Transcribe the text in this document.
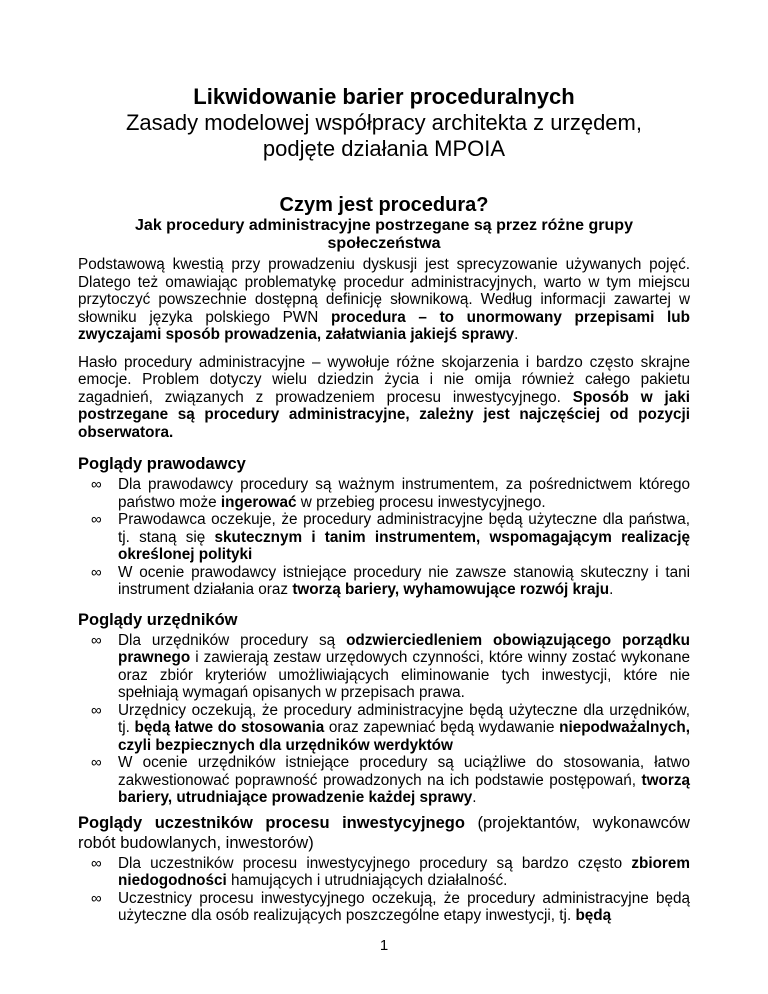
Likwidowanie barier proceduralnych
Zasady modelowej współpracy architekta z urzędem,
podjęte działania MPOIA
Czym jest procedura?
Jak procedury administracyjne postrzegane są przez różne grupy
społeczeństwa

Podstawową kwestią przy prowadzeniu dyskusji jest sprecyzowanie używanych pojęć. Dlatego też omawiając problematykę procedur administracyjnych, warto w tym miejscu przytoczyć powszechnie dostępną definicję słownikową. Według informacji zawartej w słowniku języka polskiego PWN procedura – to unormowany przepisami lub zwyczajami sposób prowadzenia, załatwiania jakiejś sprawy.

Hasło procedury administracyjne – wywołuje różne skojarzenia i bardzo często skrajne emocje. Problem dotyczy wielu dziedzin życia i nie omija również całego pakietu zagadnień, związanych z prowadzeniem procesu inwestycyjnego. Sposób w jaki postrzegane są procedury administracyjne, zależny jest najczęściej od pozycji obserwatora.

Poglądy prawodawcy
∞ Dla prawodawcy procedury są ważnym instrumentem, za pośrednictwem którego państwo może ingerować w przebieg procesu inwestycyjnego.
∞ Prawodawca oczekuje, że procedury administracyjne będą użyteczne dla państwa, tj. staną się skutecznym i tanim instrumentem, wspomagającym realizację określonej polityki
∞ W ocenie prawodawcy istniejące procedury nie zawsze stanowią skuteczny i tani instrument działania oraz tworzą bariery, wyhamowujące rozwój kraju.
Poglądy urzędników
∞ Dla urzędników procedury są odzwierciedleniem obowiązującego porządku prawnego i zawierają zestaw urzędowych czynności, które winny zostać wykonane oraz zbiór kryteriów umożliwiających eliminowanie tych inwestycji, które nie spełniają wymagań opisanych w przepisach prawa.
∞ Urzędnicy oczekują, że procedury administracyjne będą użyteczne dla urzędników, tj. będą łatwe do stosowania oraz zapewniać będą wydawanie niepodważalnych, czyli bezpiecznych dla urzędników werdyktów
∞ W ocenie urzędników istniejące procedury są uciążliwe do stosowania, łatwo zakwestionować poprawność prowadzonych na ich podstawie postępowań, tworzą bariery, utrudniające prowadzenie każdej sprawy.
Poglądy uczestników procesu inwestycyjnego (projektantów, wykonawców robót budowlanych, inwestorów)
∞ Dla uczestników procesu inwestycyjnego procedury są bardzo często zbiorem niedogodności hamujących i utrudniających działalność.
∞ Uczestnicy procesu inwestycyjnego oczekują, że procedury administracyjne będą użyteczne dla osób realizujących poszczególne etapy inwestycji, tj. będą
1
